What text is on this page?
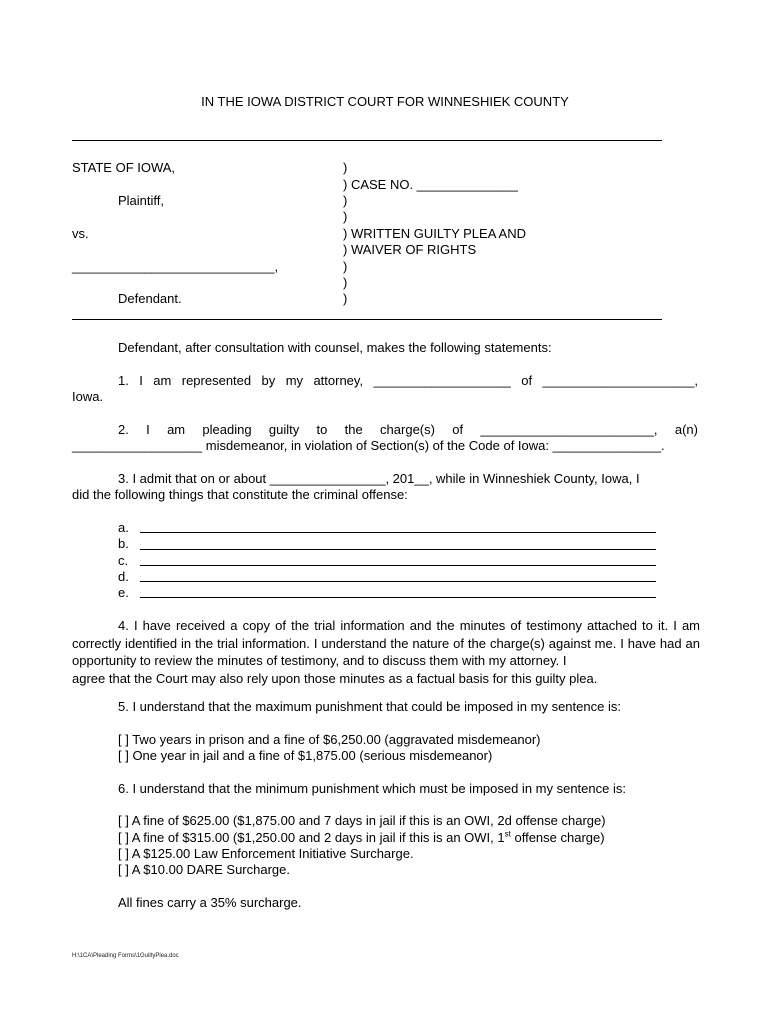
IN THE IOWA DISTRICT COURT FOR WINNESHIEK COUNTY
STATE OF IOWA,
Plaintiff,
vs.
____________________________,
Defendant.
)
) CASE NO. ______________
)
)
) WRITTEN GUILTY PLEA AND
) WAIVER OF RIGHTS
)
)
)
Defendant, after consultation with counsel, makes the following statements:
1. I am represented by my attorney, ___________________ of _____________________,
Iowa.
2. I am pleading guilty to the charge(s) of ________________________, a(n)
__________________ misdemeanor, in violation of Section(s) of the Code of Iowa: _______________.
3. I admit that on or about ________________, 201__, while in Winneshiek County, Iowa, I
did the following things that constitute the criminal offense:
a.
b.
c.
d.
e.
4. I have received a copy of the trial information and the minutes of testimony attached to it. I am correctly identified in the trial information. I understand the nature of the charge(s) against me. I have had an opportunity to review the minutes of testimony, and to discuss them with my attorney. I
agree that the Court may also rely upon those minutes as a factual basis for this guilty plea.
5. I understand that the maximum punishment that could be imposed in my sentence is:
[ ] Two years in prison and a fine of $6,250.00 (aggravated misdemeanor)
[ ] One year in jail and a fine of $1,875.00 (serious misdemeanor)
6. I understand that the minimum punishment which must be imposed in my sentence is:
[ ] A fine of $625.00 ($1,875.00 and 7 days in jail if this is an OWI, 2d offense charge)
[ ] A fine of $315.00 ($1,250.00 and 2 days in jail if this is an OWI, 1st offense charge)
[ ] A $125.00 Law Enforcement Initiative Surcharge.
[ ] A $10.00 DARE Surcharge.
All fines carry a 35% surcharge.
H:\1CA\Pleading Forms\1GuiltyPlea.doc
